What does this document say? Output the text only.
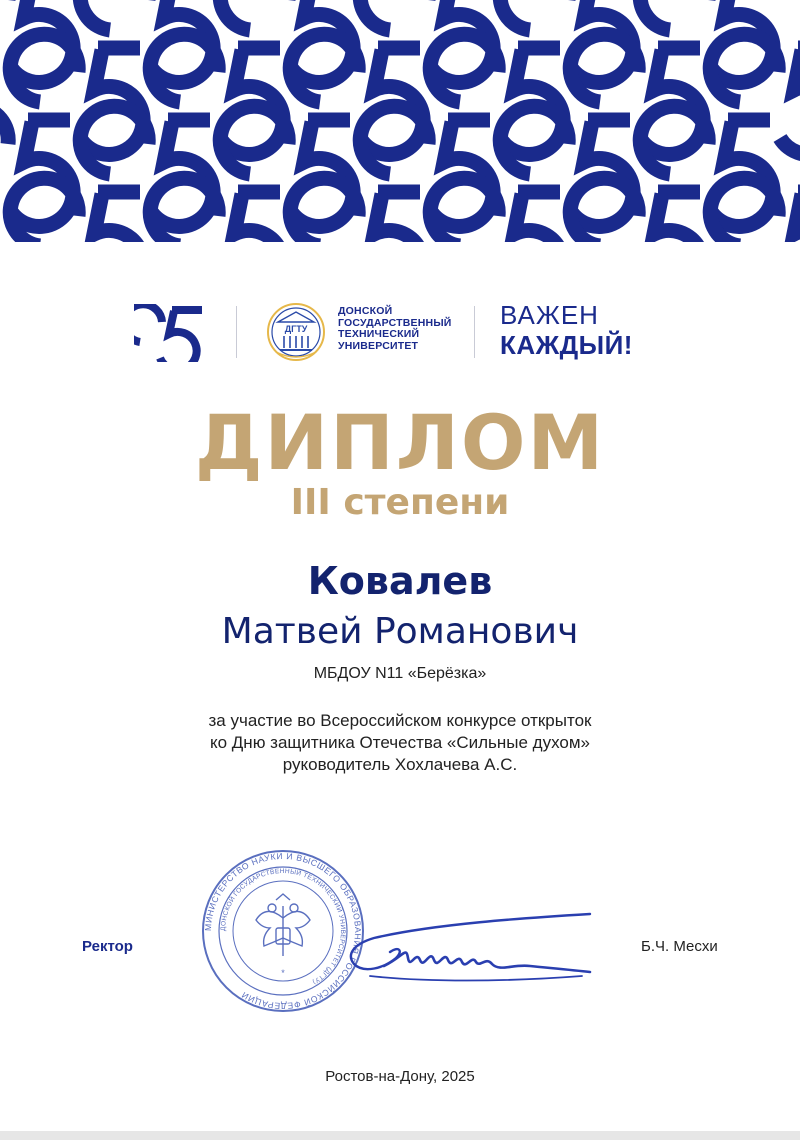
ДГТУ
ДОНСКОЙ
ГОСУДАРСТВЕННЫЙ
ТЕХНИЧЕСКИЙ
УНИВЕРСИТЕТ
ВАЖЕН
КАЖДЫЙ!
ДИПЛОМ
III степени
Ковалев
Матвей Романович
МБДОУ N11 «Берёзка»
за участие во Всероссийском конкурсе открыток
ко Дню защитника Отечества «Сильные духом»
руководитель Хохлачева А.С.
МИНИСТЕРСТВО НАУКИ И ВЫСШЕГО ОБРАЗОВАНИЯ РОССИЙСКОЙ ФЕДЕРАЦИИ
ДОНСКОЙ ГОСУДАРСТВЕННЫЙ ТЕХНИЧЕСКИЙ УНИВЕРСИТЕТ (ДГТУ)
*
Ректор	Б.Ч. Месхи
Ростов-на-Дону, 2025
